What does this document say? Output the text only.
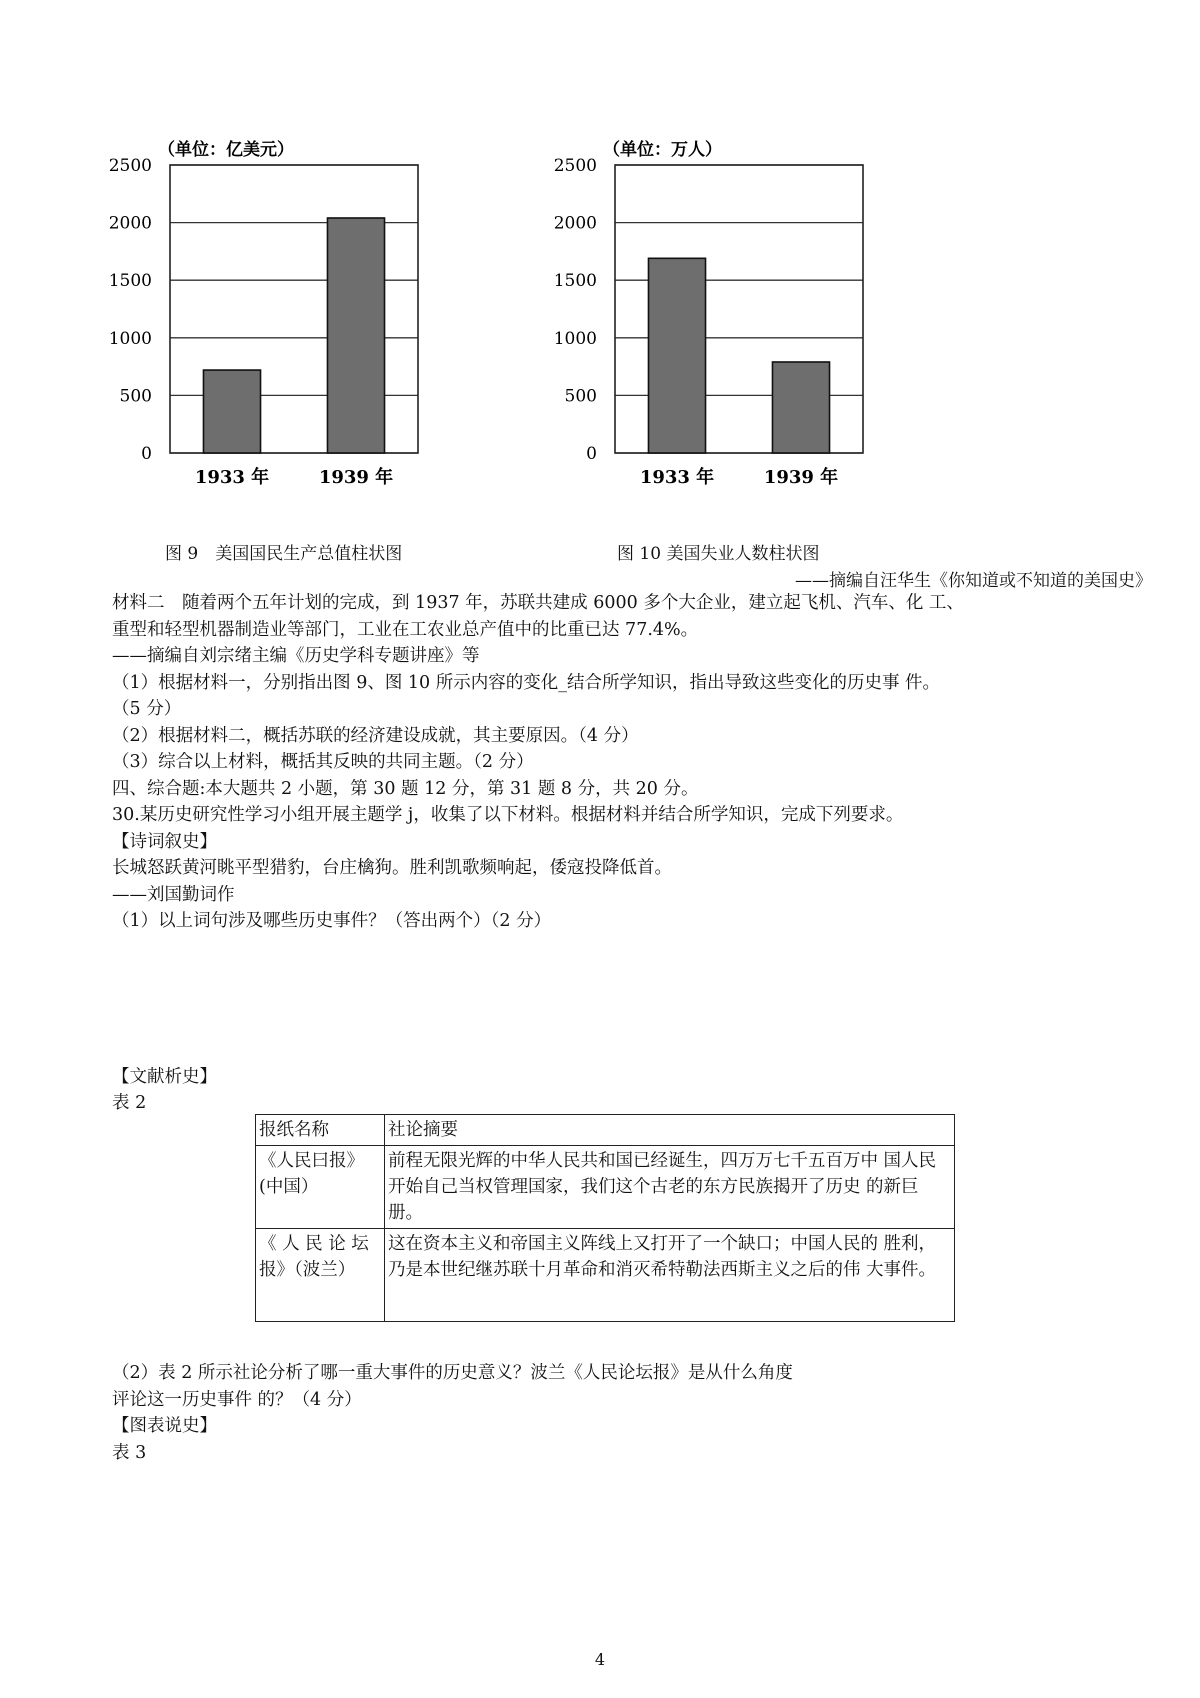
（单位：亿美元）
0
500
1000
1500
2000
2500
1933 年	1939 年
图 9　美国国民生产总值柱状图
（单位：万人）
0
500
1000
1500
2000
2500
1933 年	1939 年
图 10 美国失业人数柱状图
——摘编自汪华生《你知道或不知道的美国史》
材料二　随着两个五年计划的完成，到 1937 年，苏联共建成 6000 多个大企业，建立起飞机、汽车、化 工、
重型和轻型机器制造业等部门，工业在工农业总产值中的比重已达 77.4%。
——摘编自刘宗绪主编《历史学科专题讲座》等
（1）根据材料一，分别指出图 9、图 10 所示内容的变化_结合所学知识，指出导致这些变化的历史事 件。
（5 分）
（2）根据材料二，概括苏联的经济建设成就，其主要原因。（4 分）
（3）综合以上材料，概括其反映的共同主题。（2 分）
四、综合题:本大题共 2 小题，第 30 题 12 分，第 31 题 8 分，共 20 分。
30.某历史研究性学习小组开展主题学 j，收集了以下材料。根据材料并结合所学知识，完成下列要求。
【诗词叙史】
长城怒跃黄河眺平型猎豹，台庄檎狗。胜利凯歌频响起，倭寇投降低首。
——刘国勤词作
（1）以上词句涉及哪些历史事件？（答出两个）（2 分）
【文献析史】
表 2
报纸名称	社论摘要
《人民曰报》(中国）	前程无限光辉的中华人民共和国已经诞生，四万万七千五百万中 国人民开始自己当权管理国家，我们这个古老的东方民族揭开了历史 的新巨册。
《 人 民 论 坛 报》（波兰）	这在资本主义和帝国主义阵线上又打开了一个缺口；中国人民的 胜利，乃是本世纪继苏联十月革命和消灭希特勒法西斯主义之后的伟 大事件。
（2）表 2 所示社论分析了哪一重大事件的历史意义？波兰《人民论坛报》是从什么角度
评论这一历史事件 的？（4 分）
【图表说史】
表 3
4
